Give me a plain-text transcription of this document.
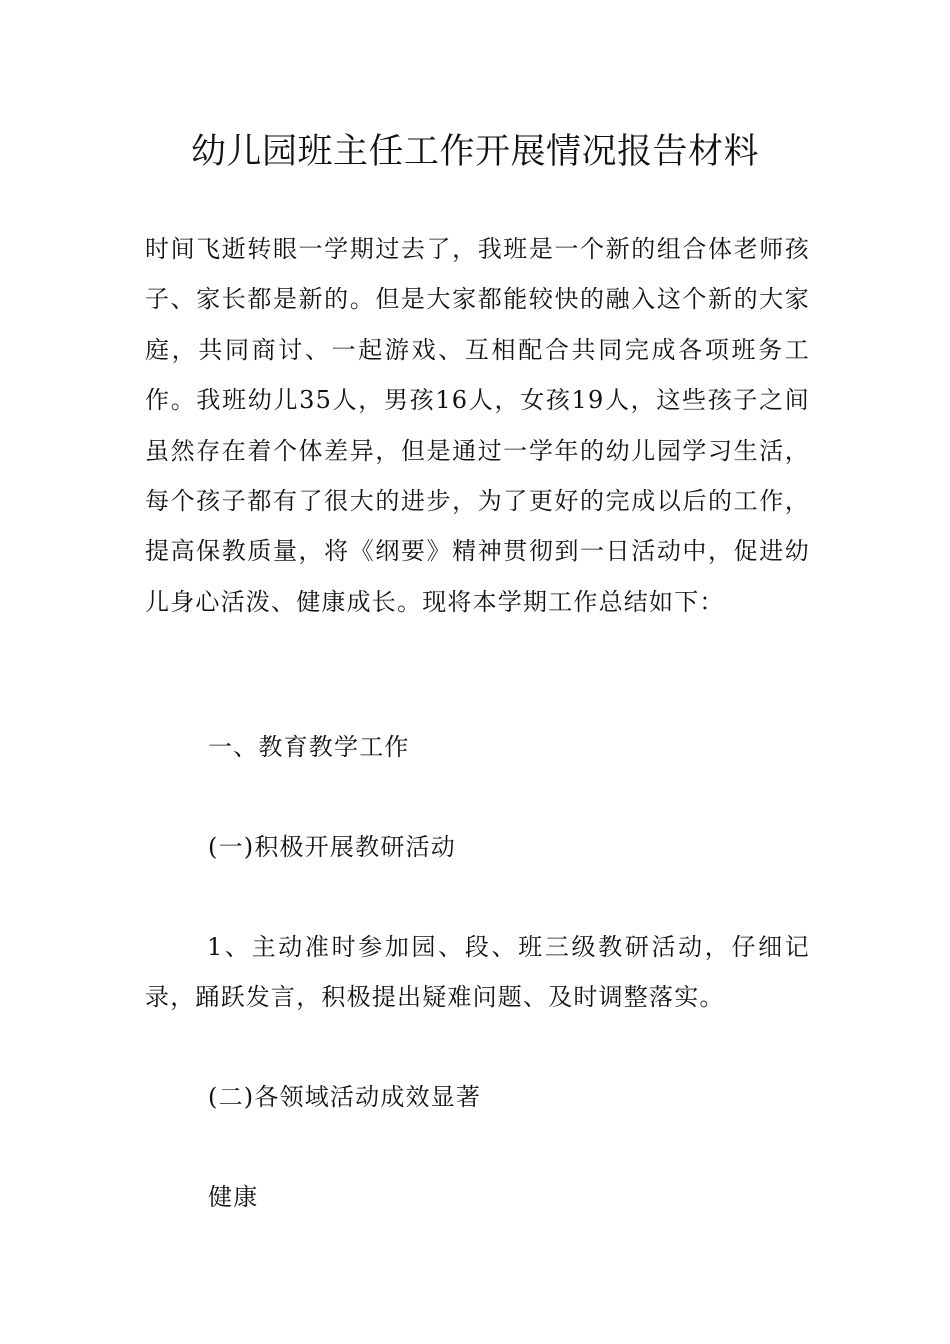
幼儿园班主任工作开展情况报告材料

时间飞逝转眼一学期过去了，我班是一个新的组合体老师孩子、家长都是新的。但是大家都能较快的融入这个新的大家庭，共同商讨、一起游戏、互相配合共同完成各项班务工作。我班幼儿35人，男孩16人，女孩19人，这些孩子之间虽然存在着个体差异，但是通过一学年的幼儿园学习生活，每个孩子都有了很大的进步，为了更好的完成以后的工作，提高保教质量，将《纲要》精神贯彻到一日活动中，促进幼儿身心活泼、健康成长。现将本学期工作总结如下：

一、教育教学工作

(一)积极开展教研活动

1、主动准时参加园、段、班三级教研活动，仔细记录，踊跃发言，积极提出疑难问题、及时调整落实。

(二)各领域活动成效显著

健康
